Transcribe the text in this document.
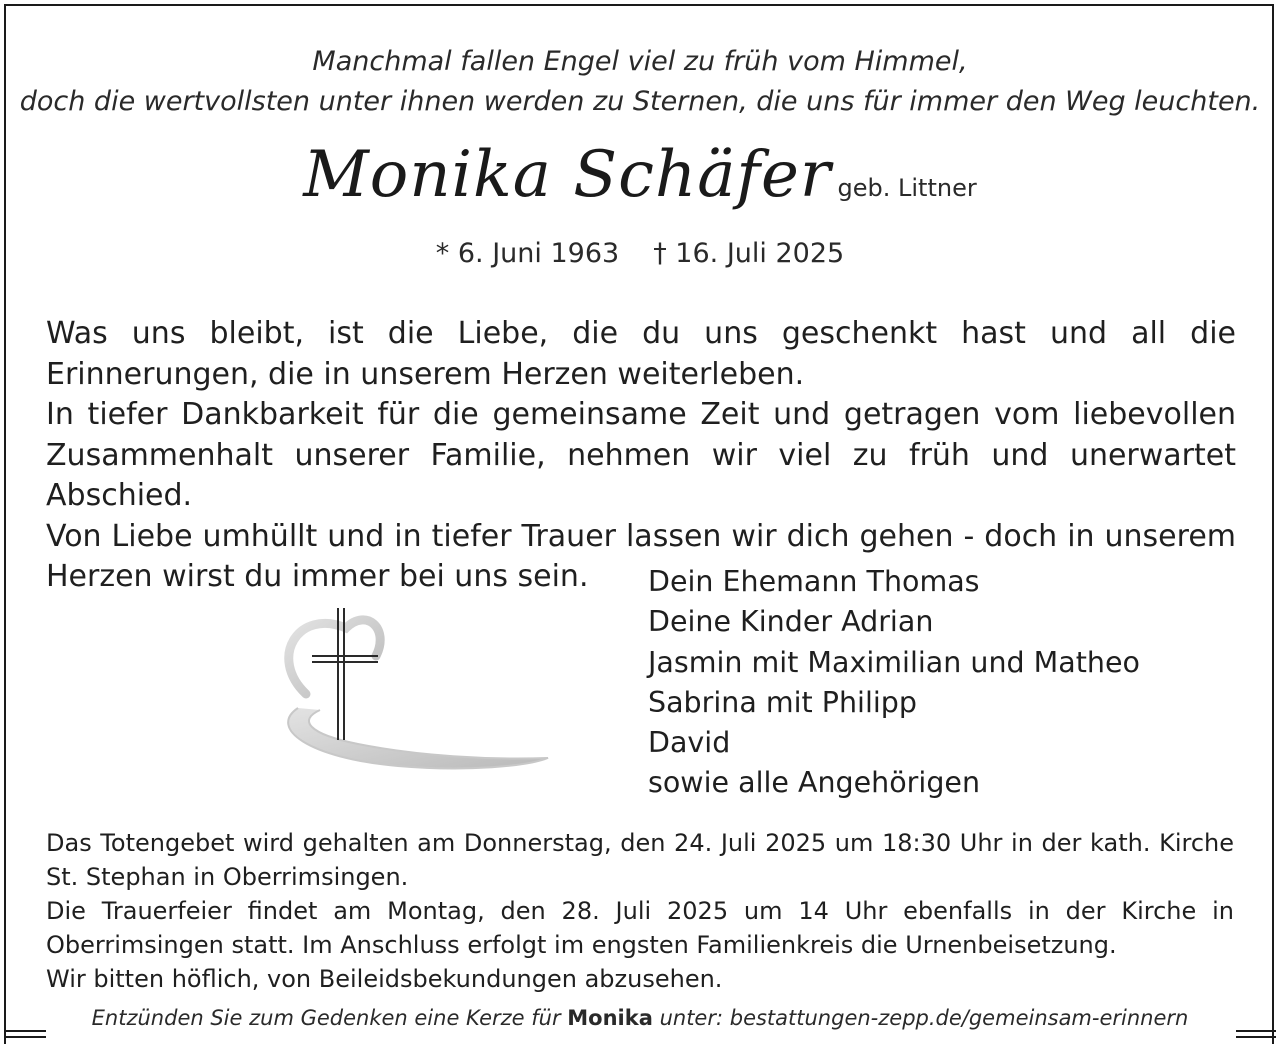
Manchmal fallen Engel viel zu früh vom Himmel,
doch die wertvollsten unter ihnen werden zu Sternen, die uns für immer den Weg leuchten.
Monika Schäfer geb. Littner
* 6. Juni 1963 † 16. Juli 2025

Was uns bleibt, ist die Liebe, die du uns geschenkt hast und all die Erinnerungen, die in unserem Herzen weiterleben.

In tiefer Dankbarkeit für die gemeinsame Zeit und getragen vom liebevollen Zusammenhalt unserer Familie, nehmen wir viel zu früh und unerwartet Abschied.

Von Liebe umhüllt und in tiefer Trauer lassen wir dich gehen - doch in unserem Herzen wirst du immer bei uns sein.	Dein Ehemann Thomas
Deine Kinder Adrian
Jasmin mit Maximilian und Matheo
Sabrina mit Philipp
David
sowie alle Angehörigen

Das Totengebet wird gehalten am Donnerstag, den 24. Juli 2025 um 18:30 Uhr in der kath. Kirche St. Stephan in Oberrimsingen.

Die Trauerfeier findet am Montag, den 28. Juli 2025 um 14 Uhr ebenfalls in der Kirche in Oberrimsingen statt. Im Anschluss erfolgt im engsten Familienkreis die Urnenbeisetzung.

Wir bitten höflich, von Beileidsbekundungen abzusehen.

Entzünden Sie zum Gedenken eine Kerze für Monika unter: bestattungen-zepp.de/gemeinsam-erinnern
